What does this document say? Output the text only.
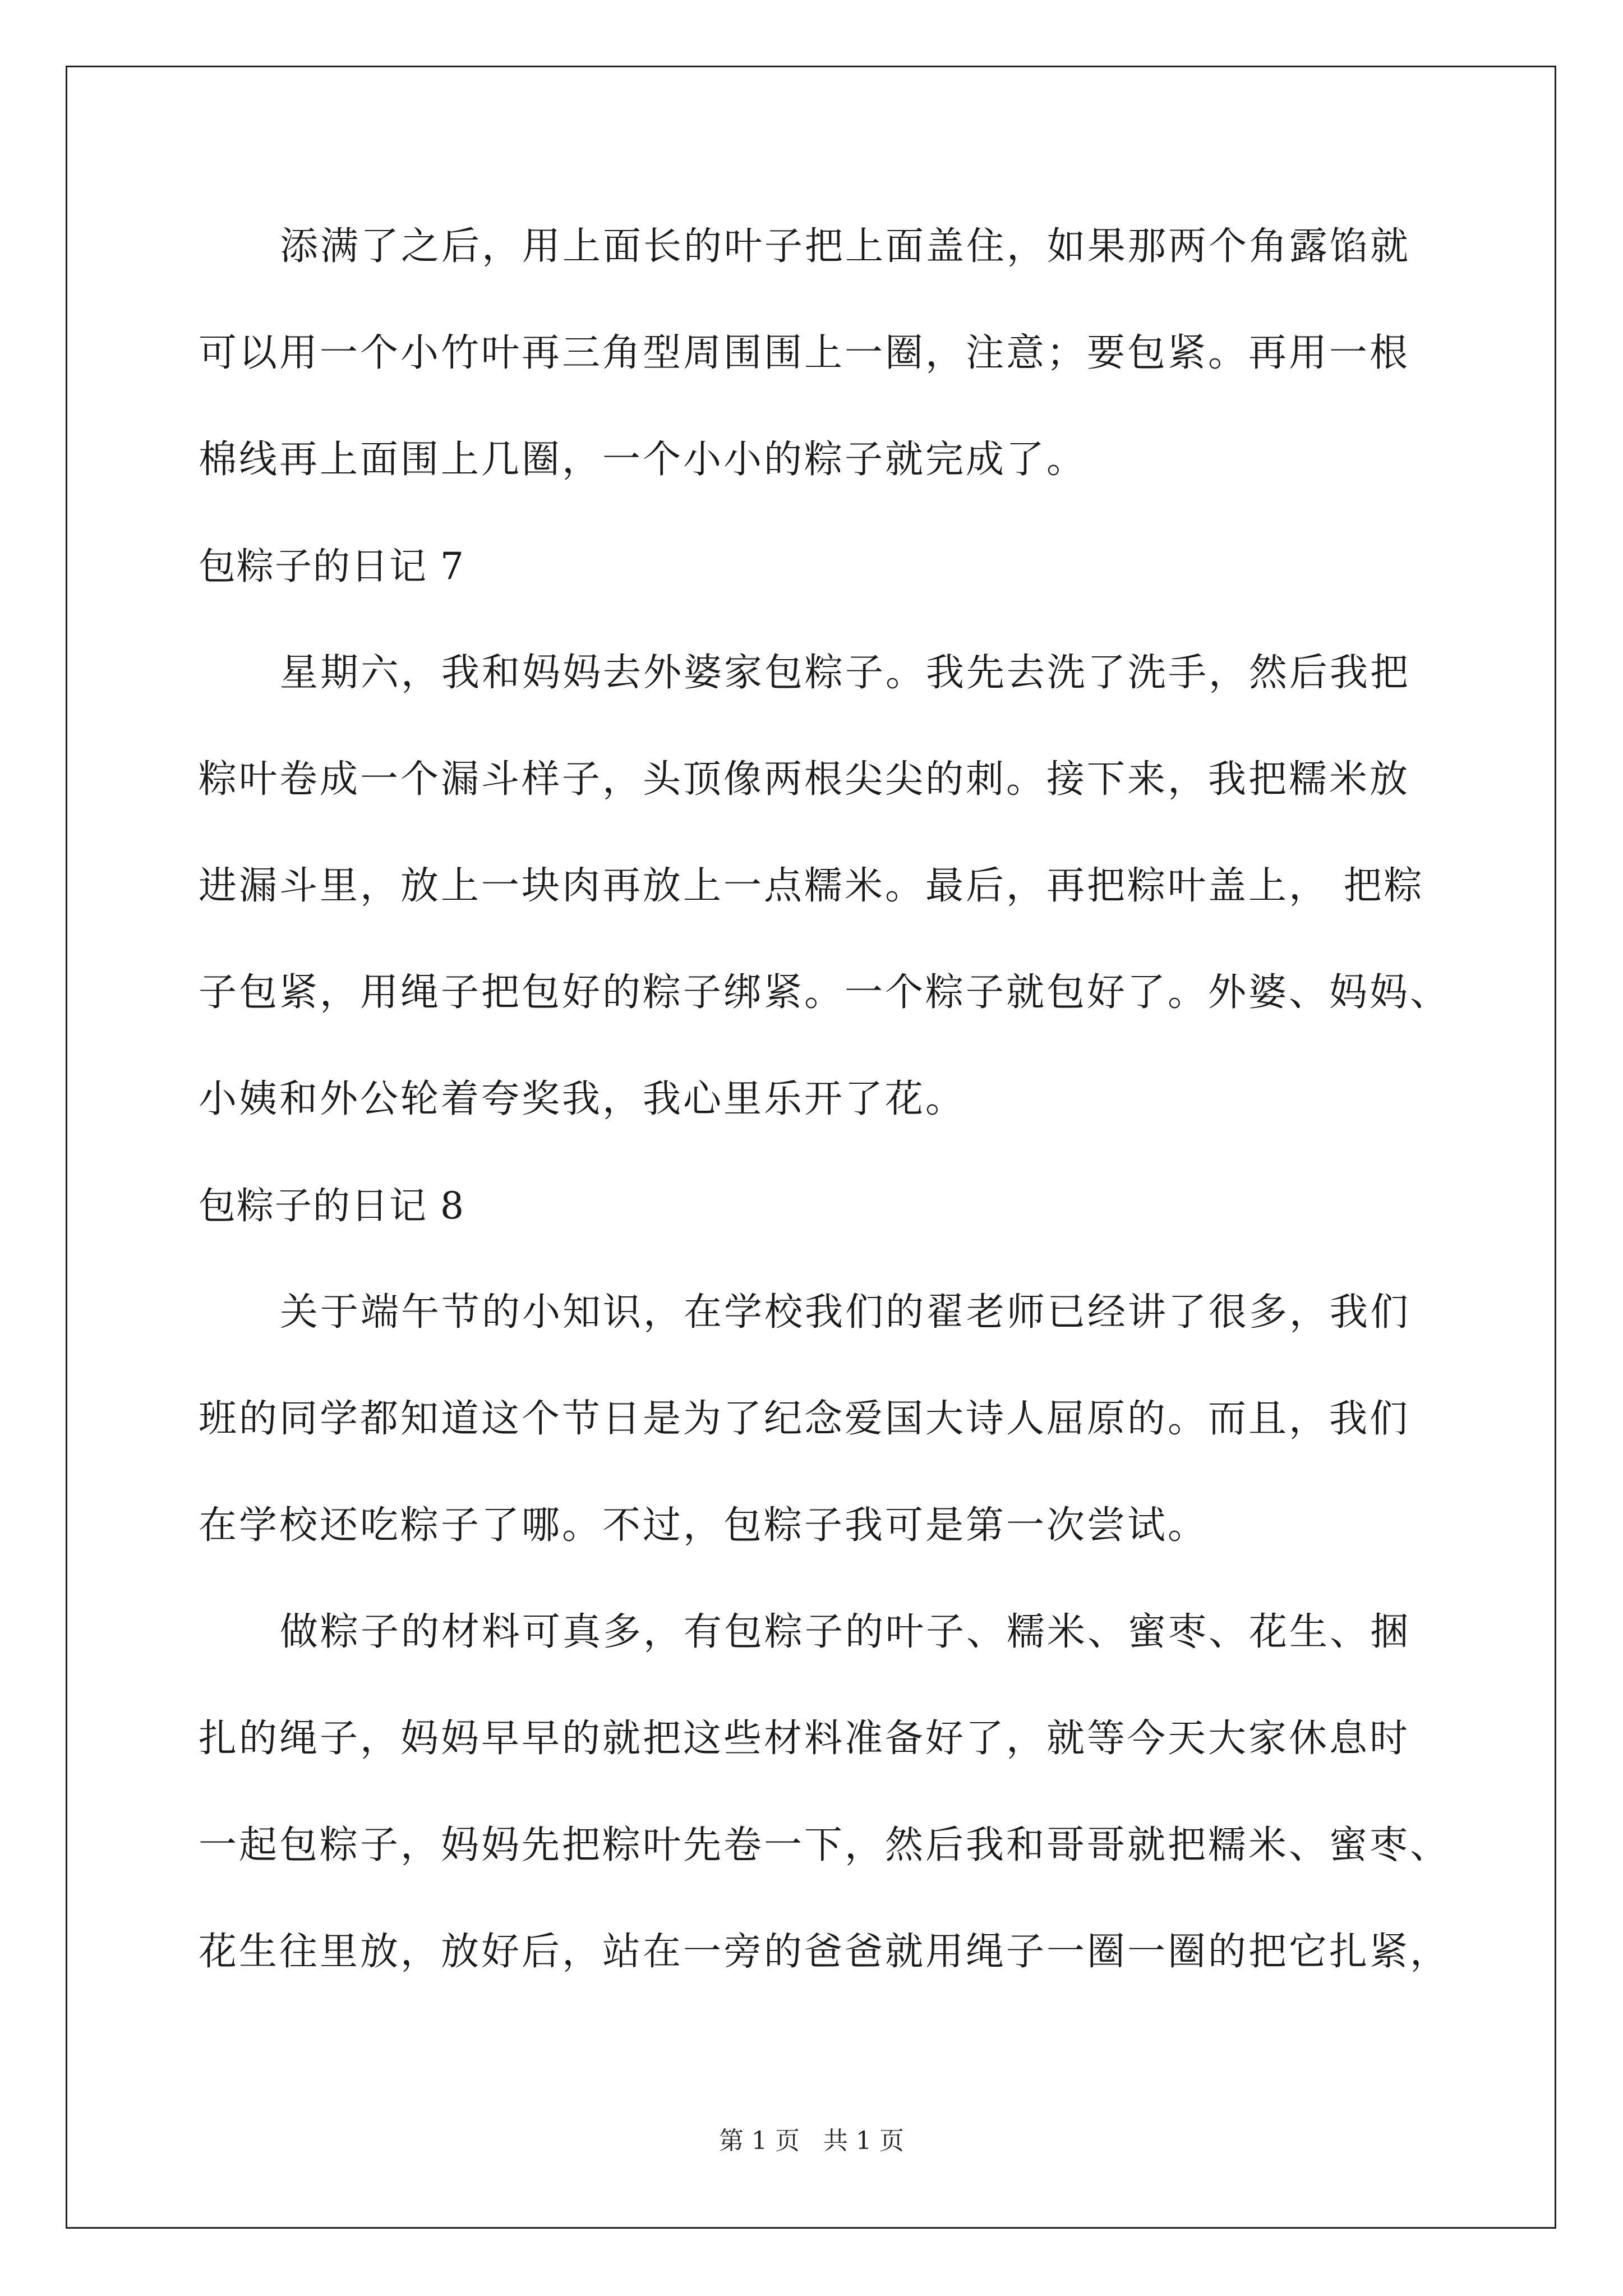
添满了之后，用上面长的叶子把上面盖住，如果那两个角露馅就
可以用一个小竹叶再三角型周围围上一圈，注意；要包紧。再用一根
棉线再上面围上几圈，一个小小的粽子就完成了。
包粽子的日记 7
星期六，我和妈妈去外婆家包粽子。我先去洗了洗手，然后我把
粽叶卷成一个漏斗样子，头顶像两根尖尖的刺。接下来，我把糯米放
进漏斗里，放上一块肉再放上一点糯米。最后，再把粽叶盖上， 把粽
子包紧，用绳子把包好的粽子绑紧。一个粽子就包好了。外婆、妈妈、
小姨和外公轮着夸奖我，我心里乐开了花。
包粽子的日记 8
关于端午节的小知识，在学校我们的翟老师已经讲了很多，我们
班的同学都知道这个节日是为了纪念爱国大诗人屈原的。而且，我们
在学校还吃粽子了哪。不过，包粽子我可是第一次尝试。
做粽子的材料可真多，有包粽子的叶子、糯米、蜜枣、花生、捆
扎的绳子，妈妈早早的就把这些材料准备好了，就等今天大家休息时
一起包粽子，妈妈先把粽叶先卷一下，然后我和哥哥就把糯米、蜜枣、
花生往里放，放好后，站在一旁的爸爸就用绳子一圈一圈的把它扎紧，
第 1 页 共 1 页
